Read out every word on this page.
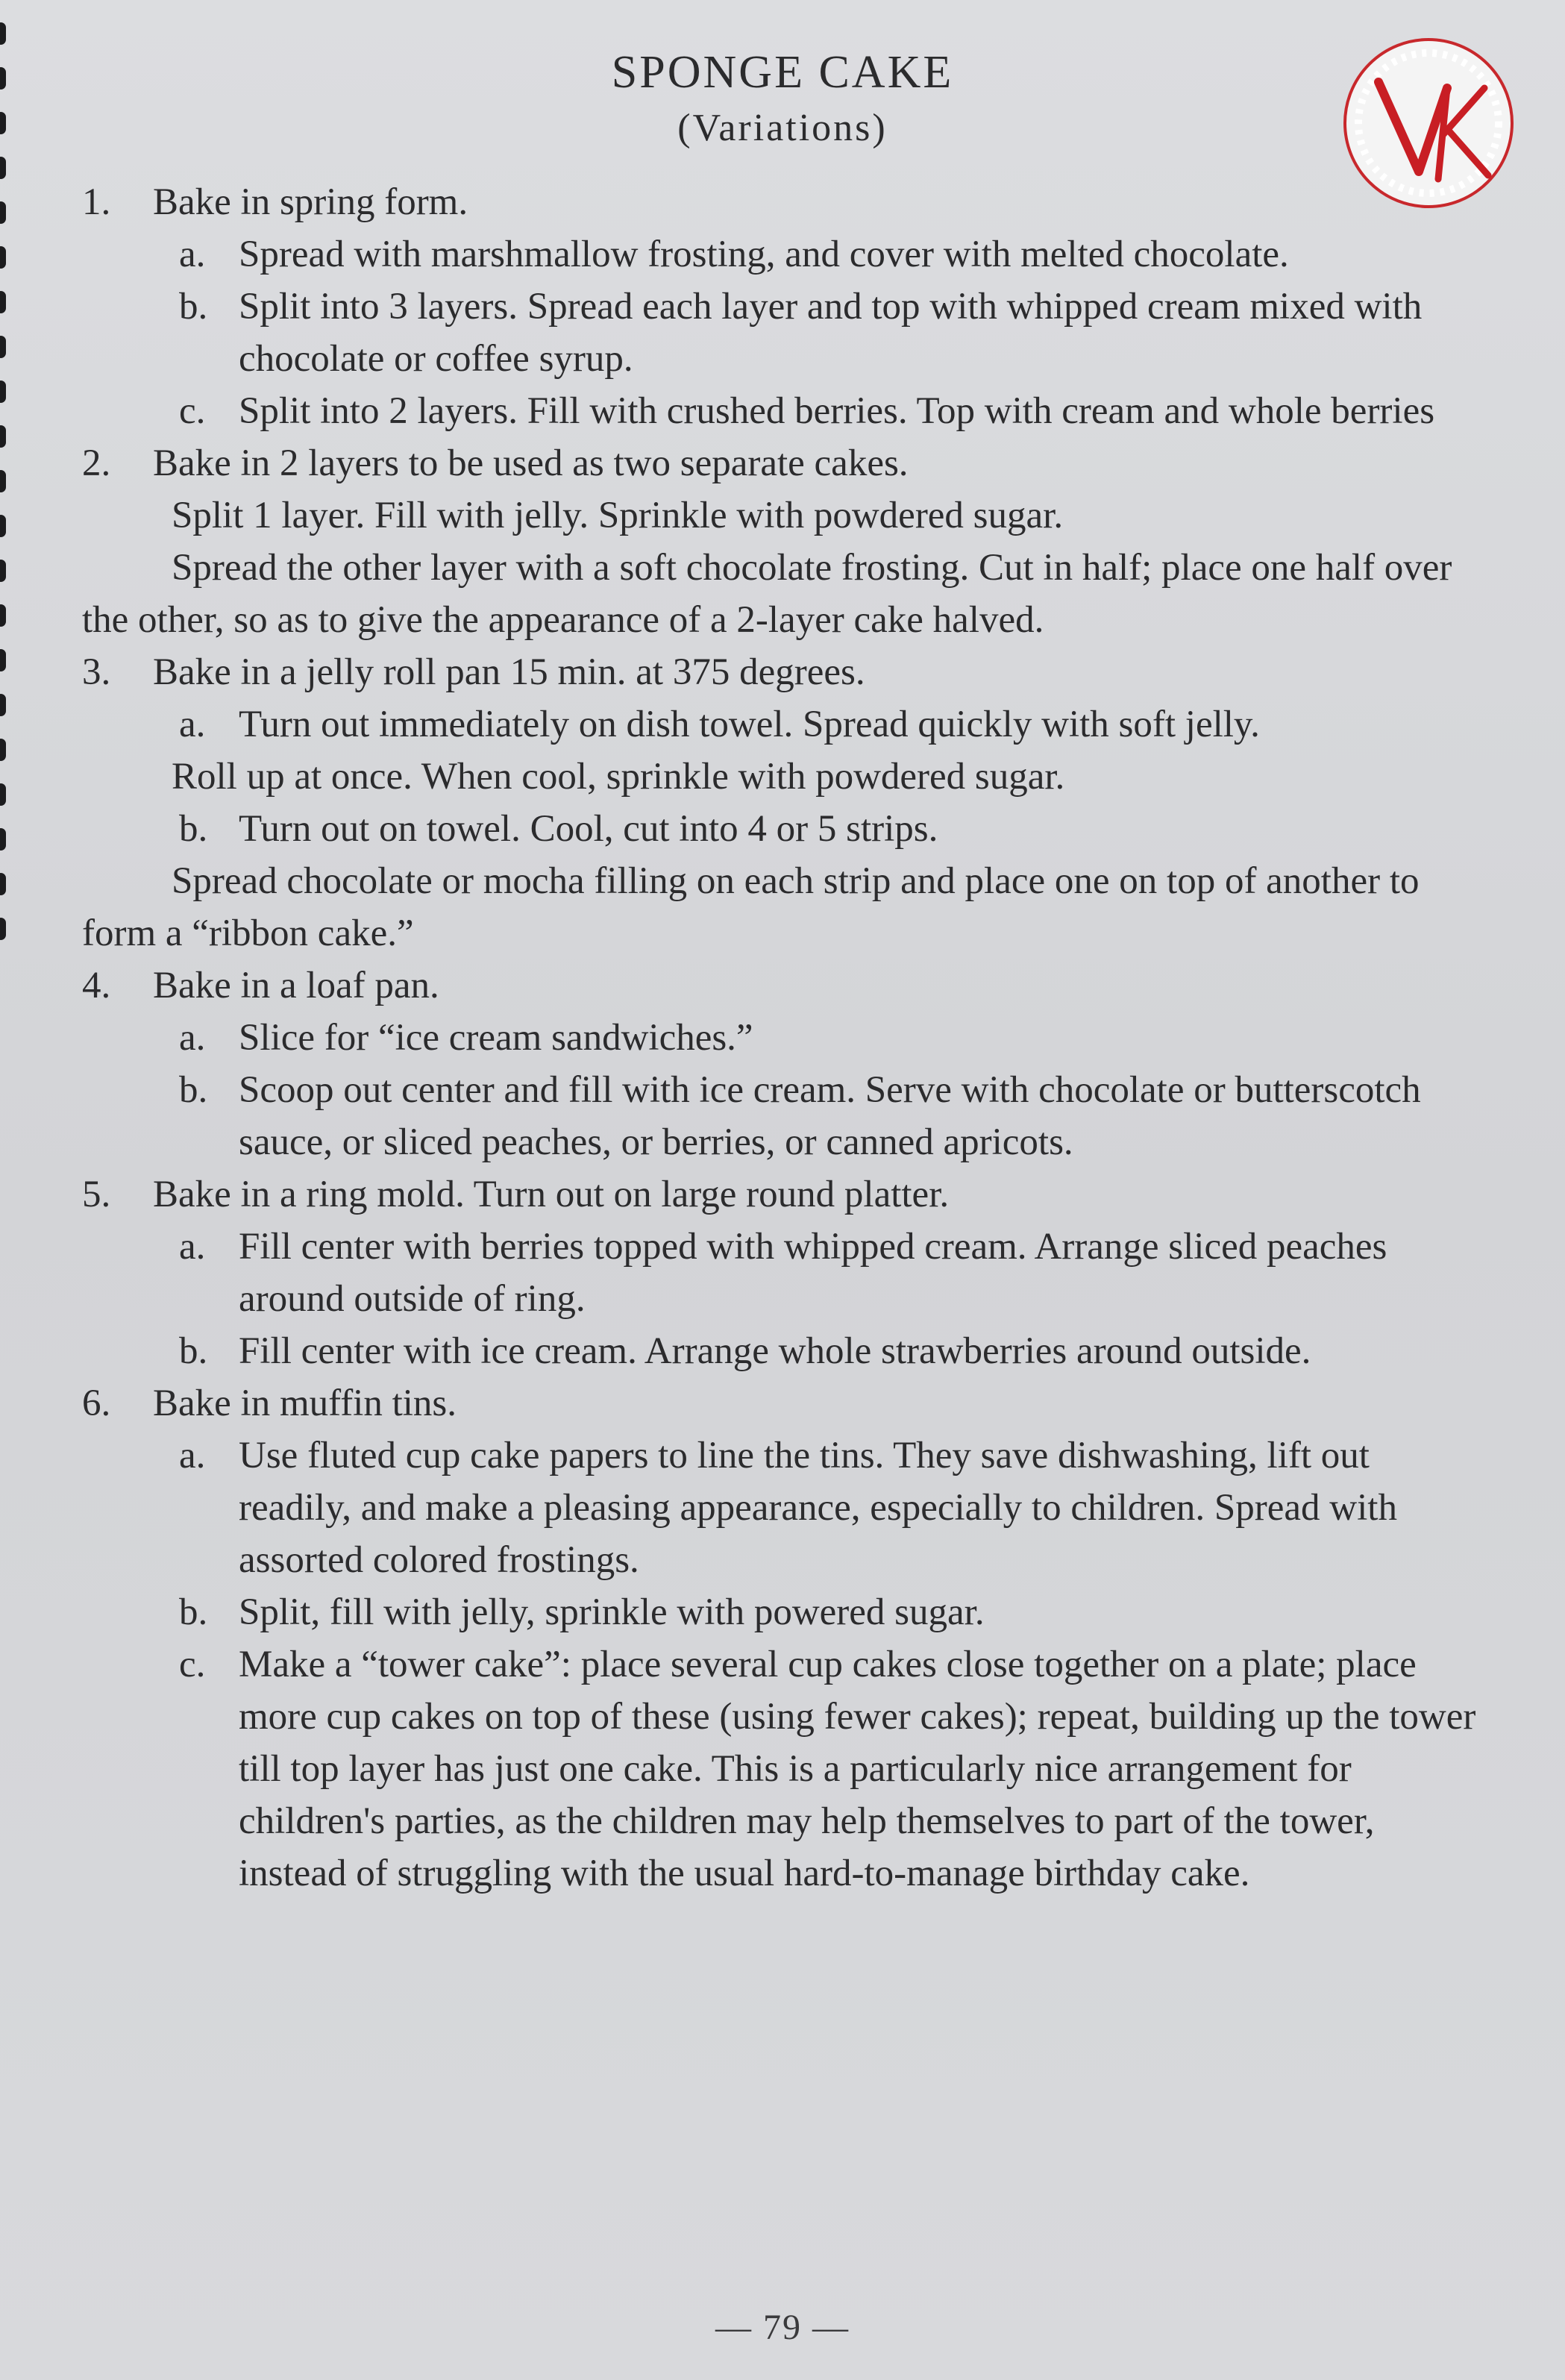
SPONGE CAKE
(Variations)
1.	Bake in spring form.
a. Spread with marshmallow frosting, and cover with melted chocolate.
b. Split into 3 layers. Spread each layer and top with whipped cream mixed with chocolate or coffee syrup.
c. Split into 2 layers. Fill with crushed berries. Top with cream and whole berries
2.	Bake in 2 layers to be used as two separate cakes.
Split 1 layer. Fill with jelly. Sprinkle with powdered sugar.
Spread the other layer with a soft chocolate frosting. Cut in half; place one half over the other, so as to give the appearance of a 2-layer cake halved.
3.	Bake in a jelly roll pan 15 min. at 375 degrees.
a. Turn out immediately on dish towel. Spread quickly with soft jelly.
Roll up at once. When cool, sprinkle with powdered sugar.
b. Turn out on towel. Cool, cut into 4 or 5 strips.
Spread chocolate or mocha filling on each strip and place one on top of another to form a “ribbon cake.”
4.	Bake in a loaf pan.
a. Slice for “ice cream sandwiches.”
b. Scoop out center and fill with ice cream. Serve with chocolate or butterscotch sauce, or sliced peaches, or berries, or canned apricots.
5.	Bake in a ring mold. Turn out on large round platter.
a. Fill center with berries topped with whipped cream. Arrange sliced peaches around outside of ring.
b. Fill center with ice cream. Arrange whole strawberries around outside.
6.	Bake in muffin tins.
a. Use fluted cup cake papers to line the tins. They save dishwashing, lift out readily, and make a pleasing appearance, especially to children. Spread with assorted colored frostings.
b. Split, fill with jelly, sprinkle with powered sugar.
c. Make a “tower cake”: place several cup cakes close together on a plate; place more cup cakes on top of these (using fewer cakes); repeat, building up the tower till top layer has just one cake. This is a particularly nice arrangement for children's parties, as the children may help themselves to part of the tower, instead of struggling with the usual hard-to-manage birthday cake.
— 79 —
